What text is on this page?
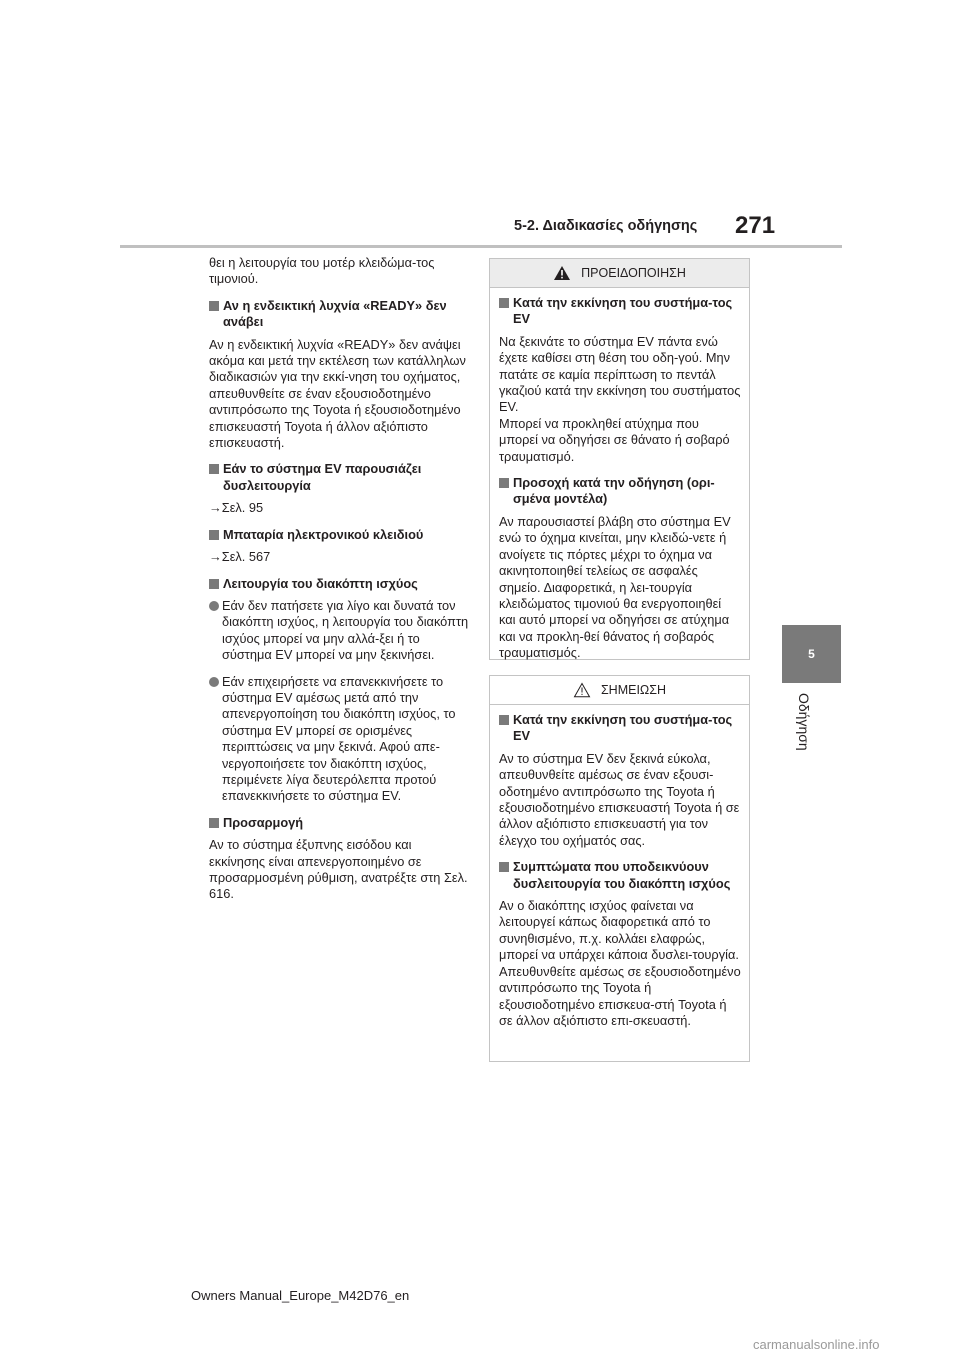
5-2. Διαδικασίες οδήγησης 271
5
Οδήγηση

θει η λειτουργία του μοτέρ κλειδώμα-τος τιμονιού.

Αν η ενδεικτική λυχνία «READY» δεν ανάβει

Αν η ενδεικτική λυχνία «READY» δεν ανάψει ακόμα και μετά την εκτέλεση των κατάλληλων διαδικασιών για την εκκί-νηση του οχήματος, απευθυνθείτε σε έναν εξουσιοδοτημένο αντιπρόσωπο της Toyota ή εξουσιοδοτημένο επισκευαστή Toyota ή άλλον αξιόπιστο επισκευαστή.

Εάν το σύστημα EV παρουσιάζει δυσλειτουργία

→Σελ. 95

Μπαταρία ηλεκτρονικού κλειδιού

→Σελ. 567

Λειτουργία του διακόπτη ισχύος
Εάν δεν πατήσετε για λίγο και δυνατά τον διακόπτη ισχύος, η λειτουργία του διακόπτη ισχύος μπορεί να μην αλλά-ξει ή το σύστημα EV μπορεί να μην ξεκινήσει.
Εάν επιχειρήσετε να επανεκκινήσετε το σύστημα EV αμέσως μετά από την απενεργοποίηση του διακόπτη ισχύος, το σύστημα EV μπορεί σε ορισμένες περιπτώσεις να μην ξεκινά. Αφού απε-νεργοποιήσετε τον διακόπτη ισχύος, περιμένετε λίγα δευτερόλεπτα προτού επανεκκινήσετε το σύστημα EV.
Προσαρμογή

Αν το σύστημα έξυπνης εισόδου και εκκίνησης είναι απενεργοποιημένο σε προσαρμοσμένη ρύθμιση, ανατρέξτε στη Σελ. 616.

ΠΡΟΕΙΔΟΠΟΙΗΣΗ
Κατά την εκκίνηση του συστήμα-τος EV

Να ξεκινάτε το σύστημα EV πάντα ενώ έχετε καθίσει στη θέση του οδη-γού. Μην πατάτε σε καμία περίπτωση το πεντάλ γκαζιού κατά την εκκίνηση του συστήματος EV.
Μπορεί να προκληθεί ατύχημα που μπορεί να οδηγήσει σε θάνατο ή σοβαρό τραυματισμό.

Προσοχή κατά την οδήγηση (ορι-σμένα μοντέλα)

Αν παρουσιαστεί βλάβη στο σύστημα EV ενώ το όχημα κινείται, μην κλειδώ-νετε ή ανοίγετε τις πόρτες μέχρι το όχημα να ακινητοποιηθεί τελείως σε ασφαλές σημείο. Διαφορετικά, η λει-τουργία κλειδώματος τιμονιού θα ενεργοποιηθεί και αυτό μπορεί να οδηγήσει σε ατύχημα και να προκλη-θεί θάνατος ή σοβαρός τραυματισμός.

ΣΗΜΕΙΩΣΗ
Κατά την εκκίνηση του συστήμα-τος EV

Αν το σύστημα EV δεν ξεκινά εύκολα, απευθυνθείτε αμέσως σε έναν εξουσι-οδοτημένο αντιπρόσωπο της Toyota ή εξουσιοδοτημένο επισκευαστή Toyota ή σε άλλον αξιόπιστο επισκευαστή για τον έλεγχο του οχήματός σας.

Συμπτώματα που υποδεικνύουν δυσλειτουργία του διακόπτη ισχύος

Αν ο διακόπτης ισχύος φαίνεται να λειτουργεί κάπως διαφορετικά από το συνηθισμένο, π.χ. κολλάει ελαφρώς, μπορεί να υπάρχει κάποια δυσλει-τουργία. Απευθυνθείτε αμέσως σε εξουσιοδοτημένο αντιπρόσωπο της Toyota ή εξουσιοδοτημένο επισκευα-στή Toyota ή σε άλλον αξιόπιστο επι-σκευαστή.

Owners Manual_Europe_M42D76_en
carmanualsonline.info
